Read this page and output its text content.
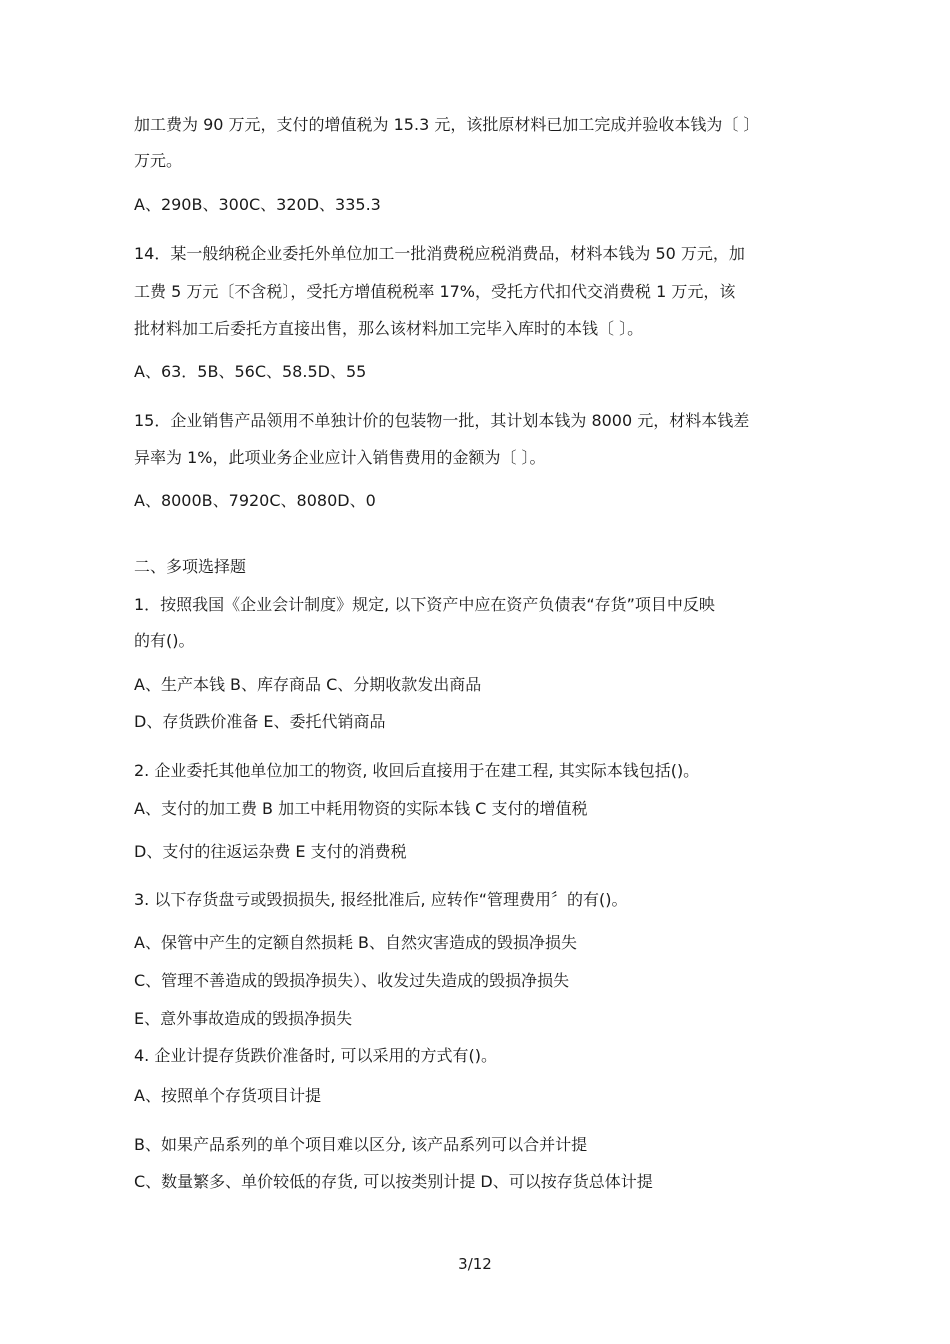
加工费为 90 万元，支付的增值税为 15.3 元，该批原材料已加工完成并验收本钱为〔 〕

万元。

A、290B、300C、320D、335.3

14．某一般纳税企业委托外单位加工一批消费税应税消费品，材料本钱为 50 万元，加

工费 5 万元〔不含税〕，受托方增值税税率 17%，受托方代扣代交消费税 1 万元，该

批材料加工后委托方直接出售，那么该材料加工完毕入库时的本钱〔 〕。

A、63．5B、56C、58.5D、55

15．企业销售产品领用不单独计价的包装物一批，其计划本钱为 8000 元，材料本钱差

异率为 1%，此项业务企业应计入销售费用的金额为〔 〕。

A、8000B、7920C、8080D、0

二、多项选择题

1．按照我国《企业会计制度》规定, 以下资产中应在资产负债表“存货”项目中反映

的有()。

A、生产本钱 B、库存商品 C、分期收款发出商品

D、存货跌价准备 E、委托代销商品

2. 企业委托其他单位加工的物资, 收回后直接用于在建工程, 其实际本钱包括()。

A、支付的加工费 B 加工中耗用物资的实际本钱 C 支付的增值税

D、支付的往返运杂费 E 支付的消费税

3. 以下存货盘亏或毁损损失, 报经批准后, 应转作“管理费用〞的有()。

A、保管中产生的定额自然损耗 B、自然灾害造成的毁损净损失

C、管理不善造成的毁损净损失）、收发过失造成的毁损净损失

E、意外事故造成的毁损净损失

4. 企业计提存货跌价准备时, 可以采用的方式有()。

A、按照单个存货项目计提

B、如果产品系列的单个项目难以区分, 该产品系列可以合并计提

C、数量繁多、单价较低的存货, 可以按类别计提 D、可以按存货总体计提

3/12
